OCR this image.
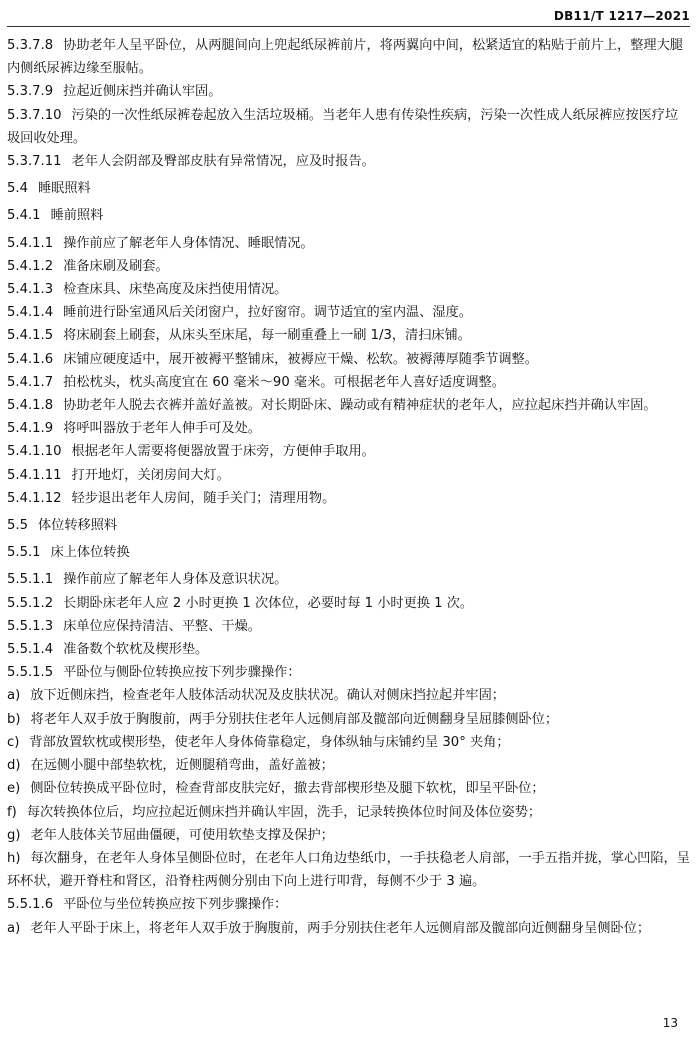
DB11/T 1217—2021

5.3.7.8 协助老年人呈平卧位，从两腿间向上兜起纸尿裤前片，将两翼向中间，松紧适宜的粘贴于前片上，整理大腿内侧纸尿裤边缘至服帖。

5.3.7.9 拉起近侧床挡并确认牢固。

5.3.7.10 污染的一次性纸尿裤卷起放入生活垃圾桶。当老年人患有传染性疾病，污染一次性成人纸尿裤应按医疗垃圾回收处理。

5.3.7.11 老年人会阴部及臀部皮肤有异常情况，应及时报告。

5.4 睡眠照料

5.4.1 睡前照料

5.4.1.1 操作前应了解老年人身体情况、睡眠情况。

5.4.1.2 准备床刷及刷套。

5.4.1.3 检查床具、床垫高度及床挡使用情况。

5.4.1.4 睡前进行卧室通风后关闭窗户，拉好窗帘。调节适宜的室内温、湿度。

5.4.1.5 将床刷套上刷套，从床头至床尾，每一刷重叠上一刷 1/3，清扫床铺。

5.4.1.6 床铺应硬度适中，展开被褥平整铺床，被褥应干燥、松软。被褥薄厚随季节调整。

5.4.1.7 拍松枕头，枕头高度宜在 60 毫米～90 毫米。可根据老年人喜好适度调整。

5.4.1.8 协助老年人脱去衣裤并盖好盖被。对长期卧床、躁动或有精神症状的老年人，应拉起床挡并确认牢固。

5.4.1.9 将呼叫器放于老年人伸手可及处。

5.4.1.10 根据老年人需要将便器放置于床旁，方便伸手取用。

5.4.1.11 打开地灯，关闭房间大灯。

5.4.1.12 轻步退出老年人房间，随手关门；清理用物。

5.5 体位转移照料

5.5.1 床上体位转换

5.5.1.1 操作前应了解老年人身体及意识状况。

5.5.1.2 长期卧床老年人应 2 小时更换 1 次体位，必要时每 1 小时更换 1 次。

5.5.1.3 床单位应保持清洁、平整、干燥。

5.5.1.4 准备数个软枕及楔形垫。

5.5.1.5 平卧位与侧卧位转换应按下列步骤操作：

a) 放下近侧床挡，检查老年人肢体活动状况及皮肤状况。确认对侧床挡拉起并牢固；

b) 将老年人双手放于胸腹前，两手分别扶住老年人远侧肩部及髋部向近侧翻身呈屈膝侧卧位；

c) 背部放置软枕或楔形垫，使老年人身体倚靠稳定，身体纵轴与床铺约呈 30° 夹角；

d) 在远侧小腿中部垫软枕，近侧腿稍弯曲，盖好盖被；

e) 侧卧位转换成平卧位时，检查背部皮肤完好，撤去背部楔形垫及腿下软枕，即呈平卧位；

f) 每次转换体位后，均应拉起近侧床挡并确认牢固，洗手，记录转换体位时间及体位姿势；

g) 老年人肢体关节屈曲僵硬，可使用软垫支撑及保护；

h) 每次翻身，在老年人身体呈侧卧位时，在老年人口角边垫纸巾，一手扶稳老人肩部，一手五指并拢，掌心凹陷，呈环杯状，避开脊柱和肾区，沿脊柱两侧分别由下向上进行叩背，每侧不少于 3 遍。

5.5.1.6 平卧位与坐位转换应按下列步骤操作：

a) 老年人平卧于床上，将老年人双手放于胸腹前，两手分别扶住老年人远侧肩部及髋部向近侧翻身呈侧卧位；

13
